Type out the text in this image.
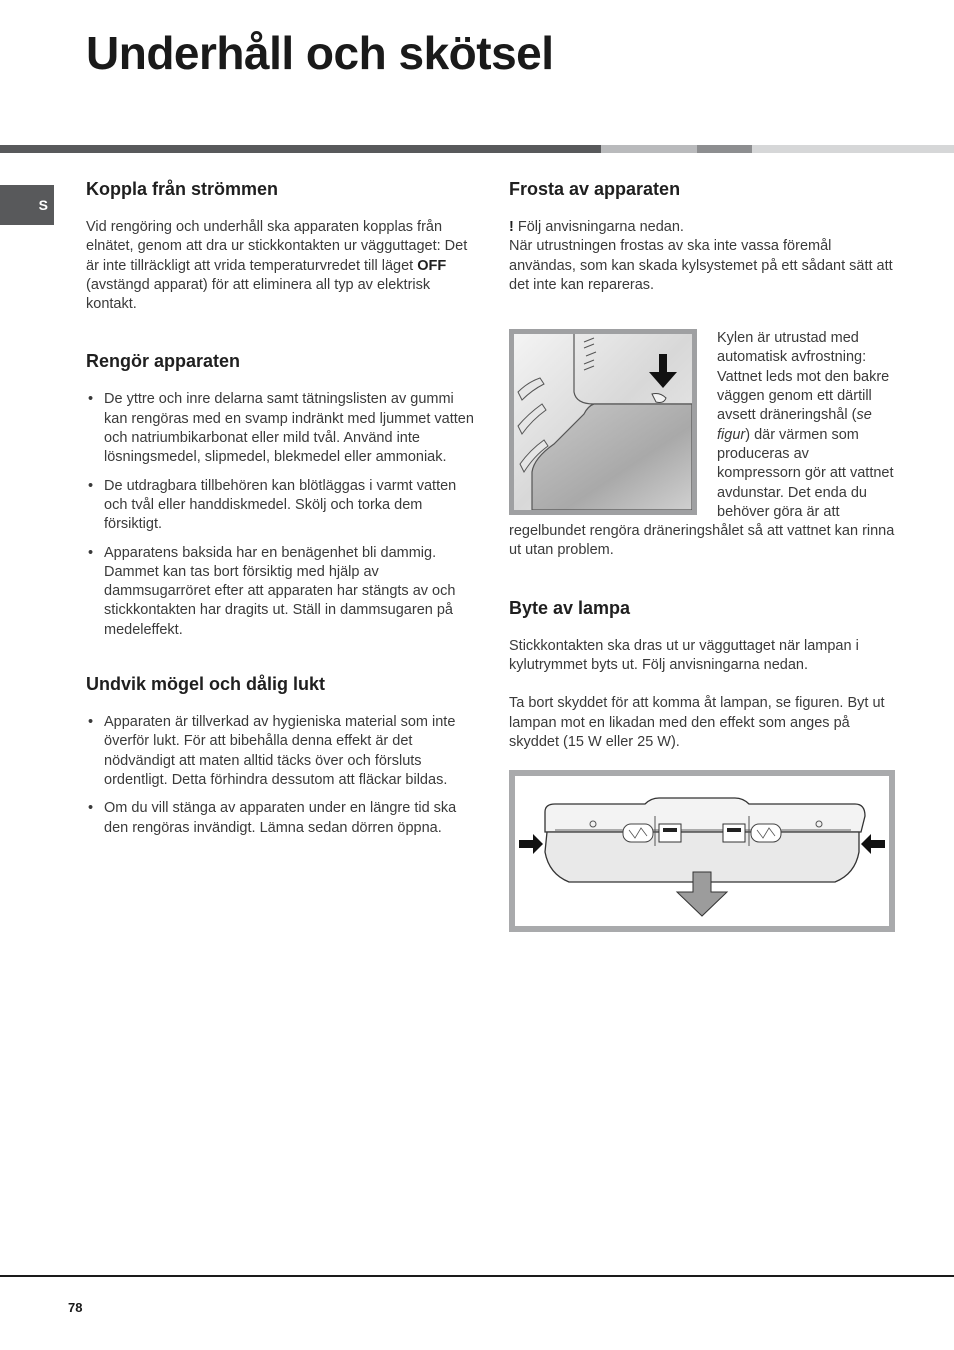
Underhåll och skötsel
S
Koppla från strömmen

Vid rengöring och underhåll ska apparaten kopplas från elnätet, genom att dra ur stickkontakten ur vägguttaget: Det är inte tillräckligt att vrida temperaturvredet till läget OFF (avstängd apparat) för att eliminera all typ av elektrisk kontakt.

Rengör apparaten
• De yttre och inre delarna samt tätningslisten av gummi kan rengöras med en svamp indränkt med ljummet vatten och natriumbikarbonat eller mild tvål. Använd inte lösningsmedel, slipmedel, blekmedel eller ammoniak.
• De utdragbara tillbehören kan blötläggas i varmt vatten och tvål eller handdiskmedel. Skölj och torka dem försiktigt.
• Apparatens baksida har en benägenhet bli dammig. Dammet kan tas bort försiktig med hjälp av dammsugarröret efter att apparaten har stängts av och stickkontakten har dragits ut. Ställ in dammsugaren på medeleffekt.
Undvik mögel och dålig lukt
• Apparaten är tillverkad av hygieniska material som inte överför lukt. För att bibehålla denna effekt är det nödvändigt att maten alltid täcks över och försluts ordentligt. Detta förhindra dessutom att fläckar bildas.
• Om du vill stänga av apparaten under en längre tid ska den rengöras invändigt. Lämna sedan dörren öppna.
Frosta av apparaten

! Följ anvisningarna nedan.

När utrustningen frostas av ska inte vassa föremål användas, som kan skada kylsystemet på ett sådant sätt att det inte kan repareras.

Kylen är utrustad med automatisk avfrostning: Vattnet leds mot den bakre väggen genom ett därtill avsett dräneringshål (se figur) där värmen som produceras av kompressorn gör att vattnet avdunstar. Det enda du behöver göra är att regelbundet rengöra dräneringshålet så att vattnet kan rinna ut utan problem.

Byte av lampa

Stickkontakten ska dras ut ur vägguttaget när lampan i kylutrymmet byts ut. Följ anvisningarna nedan.

Ta bort skyddet för att komma åt lampan, se figuren. Byt ut lampan mot en likadan med den effekt som anges på skyddet (15 W eller 25 W).

78
